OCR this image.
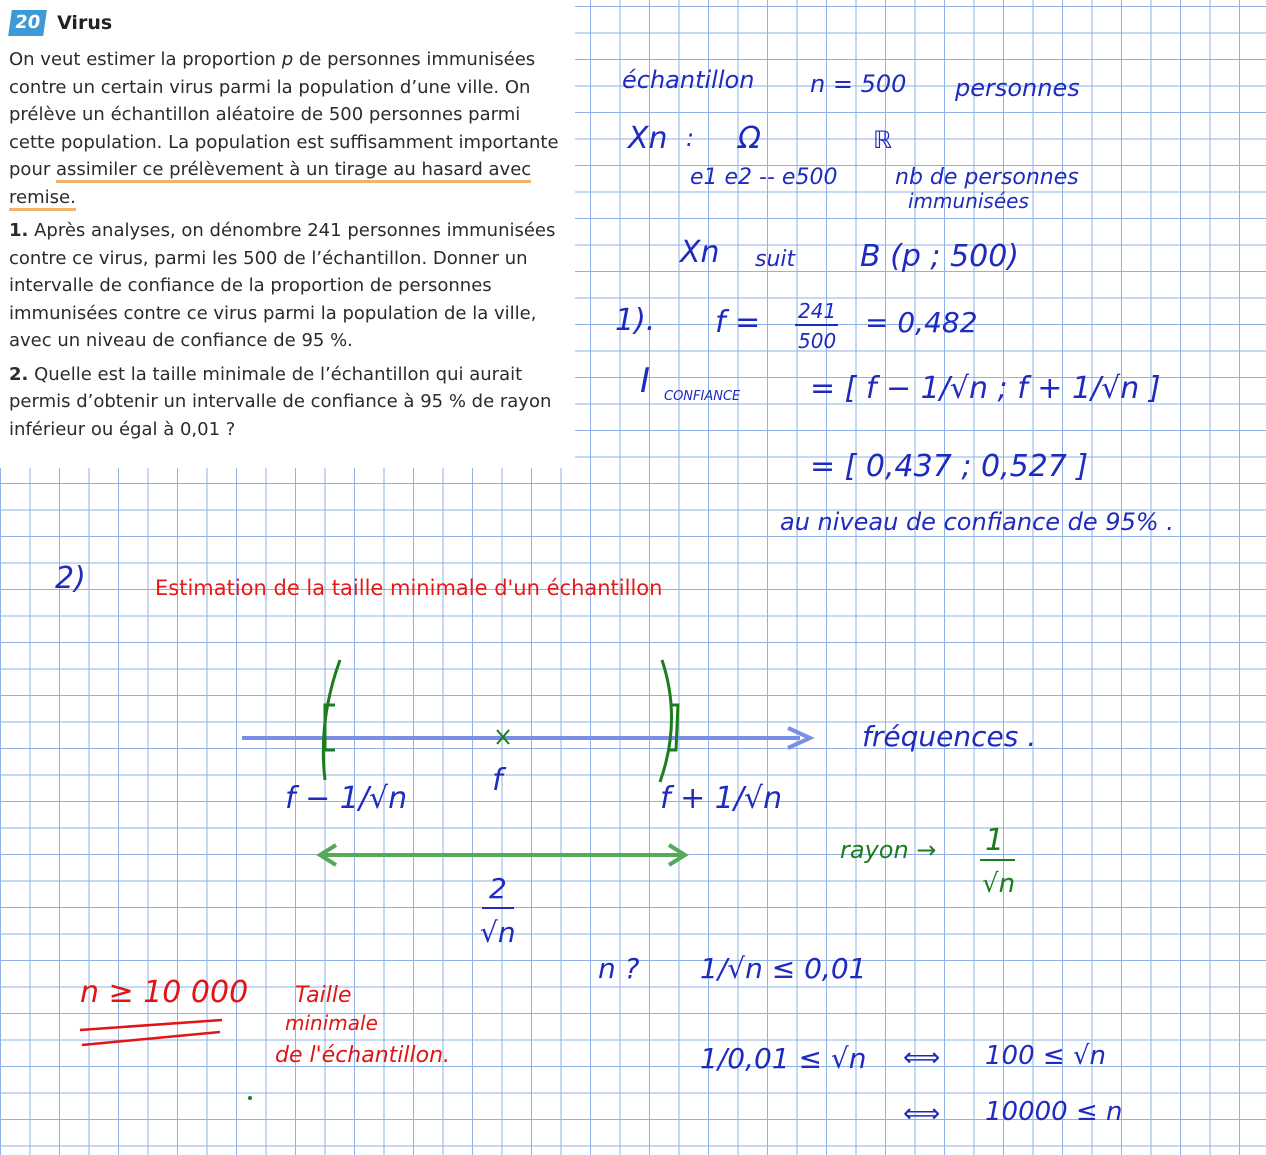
20 Virus

On veut estimer la proportion p de personnes immunisées contre un certain virus parmi la population d’une ville. On prélève un échantillon aléatoire de 500 personnes parmi cette population. La population est suffisamment importante pour assimiler ce prélèvement à un tirage au hasard avec remise.

1. Après analyses, on dénombre 241 personnes immunisées contre ce virus, parmi les 500 de l’échantillon. Donner un intervalle de confiance de la proportion de personnes immunisées contre ce virus parmi la population de la ville, avec un niveau de confiance de 95 %.

2. Quelle est la taille minimale de l’échantillon qui aurait permis d’obtenir un intervalle de confiance à 95 % de rayon inférieur ou égal à 0,01 ?

Estimation de la taille minimale d'un échantillon
échantillon n = 500 personnes
Xn : Ω	ℝ
e1 e2 -- e500	nb de personnes
immunisées
Xn suit B (p ; 500)
1). f = 241
500
= 0,482
I CONFIANCE = [ f − 1/√n ; f + 1/√n ]
= [ 0,437 ; 0,527 ]
au niveau de confiance de 95% .
2)
f − 1/√n
f
f + 1/√n
fréquences .
2
√n
n ? 1/√n ≤ 0,01
1/0,01 ≤ √n ⟺ 100 ≤ √n
⟺ 10000 ≤ n
rayon → 1
√n
n ≥ 10 000 Taille
minimale
de l'échantillon.
